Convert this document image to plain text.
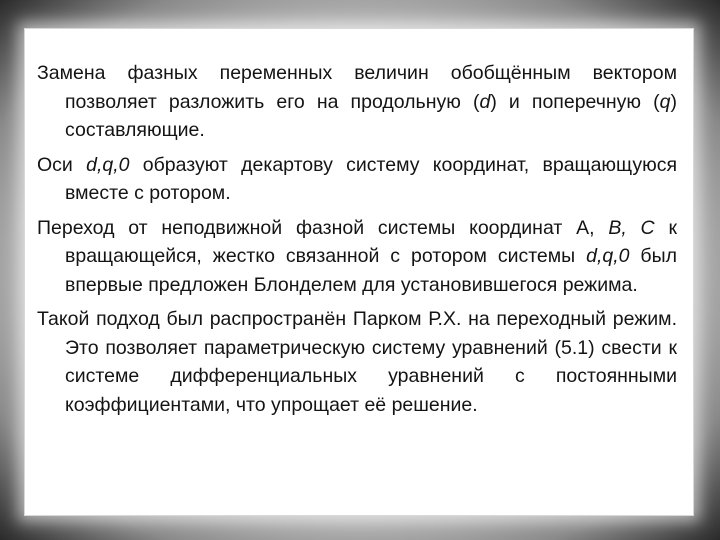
Замена фазных переменных величин обобщённым вектором позволяет разложить его на продольную (d) и поперечную (q) составляющие.

Оси d,q,0 образуют декартову систему координат, вращающуюся вместе с ротором.

Переход от неподвижной фазной системы координат A, B, C к вращающейся, жестко связанной с ротором системы d,q,0 был впервые предложен Блонделем для установившегося режима.

Такой подход был распространён Парком Р.Х. на переходный режим. Это позволяет параметрическую систему уравнений (5.1) свести к системе дифференциальных уравнений с постоянными коэффициентами, что упрощает её решение.
